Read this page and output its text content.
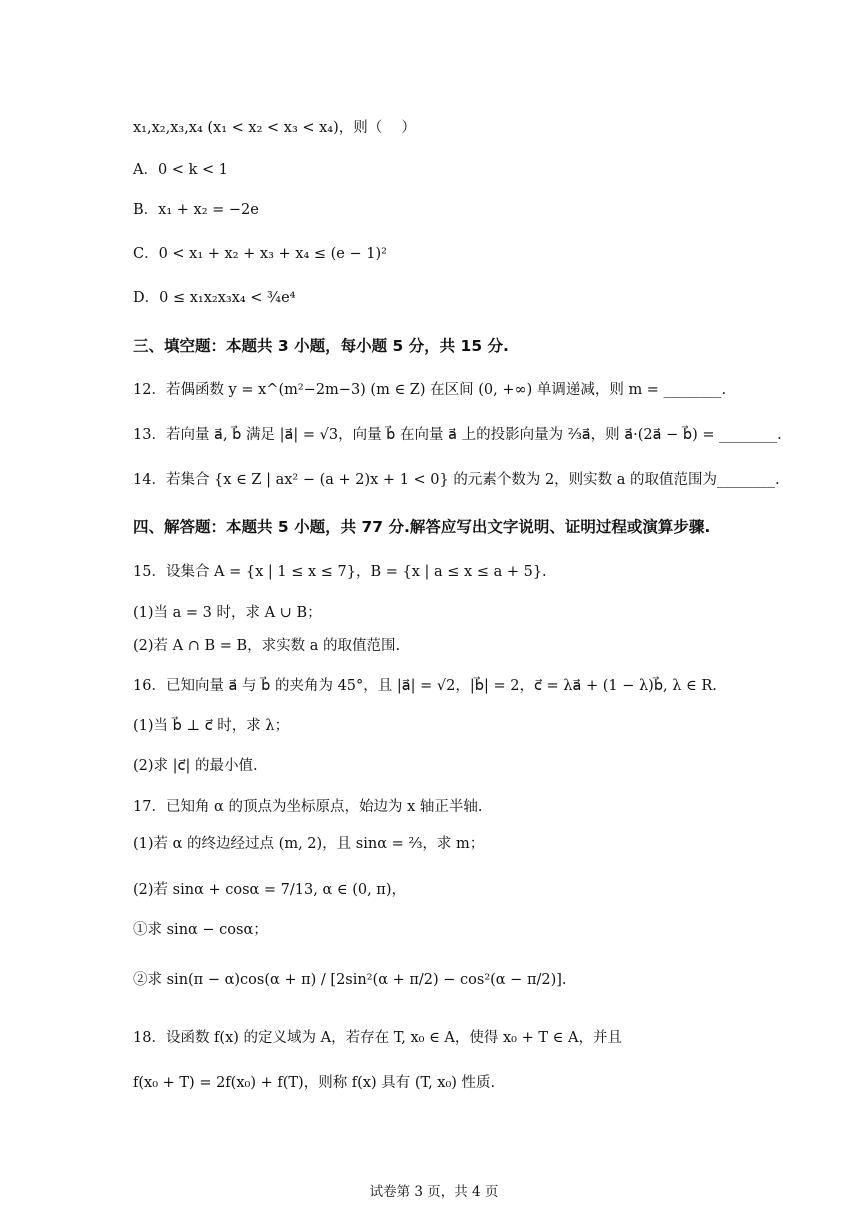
x₁,x₂,x₃,x₄ (x₁ < x₂ < x₃ < x₄)，则（　 ）
A．0 < k < 1
B．x₁ + x₂ = −2e
C．0 < x₁ + x₂ + x₃ + x₄ ≤ (e − 1)²
D．0 ≤ x₁x₂x₃x₄ < ¾e⁴
三、填空题：本题共 3 小题，每小题 5 分，共 15 分.
12．若偶函数 y = x^(m²−2m−3) (m ∈ Z) 在区间 (0, +∞) 单调递减，则 m = ________.
13．若向量 a⃗, b⃗ 满足 |a⃗| = √3，向量 b⃗ 在向量 a⃗ 上的投影向量为 ⅔a⃗，则 a⃗·(2a⃗ − b⃗) = ________.
14．若集合 {x ∈ Z | ax² − (a + 2)x + 1 < 0} 的元素个数为 2，则实数 a 的取值范围为________.
四、解答题：本题共 5 小题，共 77 分.解答应写出文字说明、证明过程或演算步骤.
15．设集合 A = {x | 1 ≤ x ≤ 7}，B = {x | a ≤ x ≤ a + 5}.
(1)当 a = 3 时，求 A ∪ B；
(2)若 A ∩ B = B，求实数 a 的取值范围.
16．已知向量 a⃗ 与 b⃗ 的夹角为 45°，且 |a⃗| = √2，|b⃗| = 2，c⃗ = λa⃗ + (1 − λ)b⃗, λ ∈ R.
(1)当 b⃗ ⊥ c⃗ 时，求 λ；
(2)求 |c⃗| 的最小值.
17．已知角 α 的顶点为坐标原点，始边为 x 轴正半轴.
(1)若 α 的终边经过点 (m, 2)，且 sinα = ⅔，求 m；
(2)若 sinα + cosα = 7/13, α ∈ (0, π)，
①求 sinα − cosα；
②求 sin(π − α)cos(α + π) / [2sin²(α + π/2) − cos²(α − π/2)].
18．设函数 f(x) 的定义域为 A，若存在 T, x₀ ∈ A，使得 x₀ + T ∈ A，并且
f(x₀ + T) = 2f(x₀) + f(T)，则称 f(x) 具有 (T, x₀) 性质.
试卷第 3 页，共 4 页
